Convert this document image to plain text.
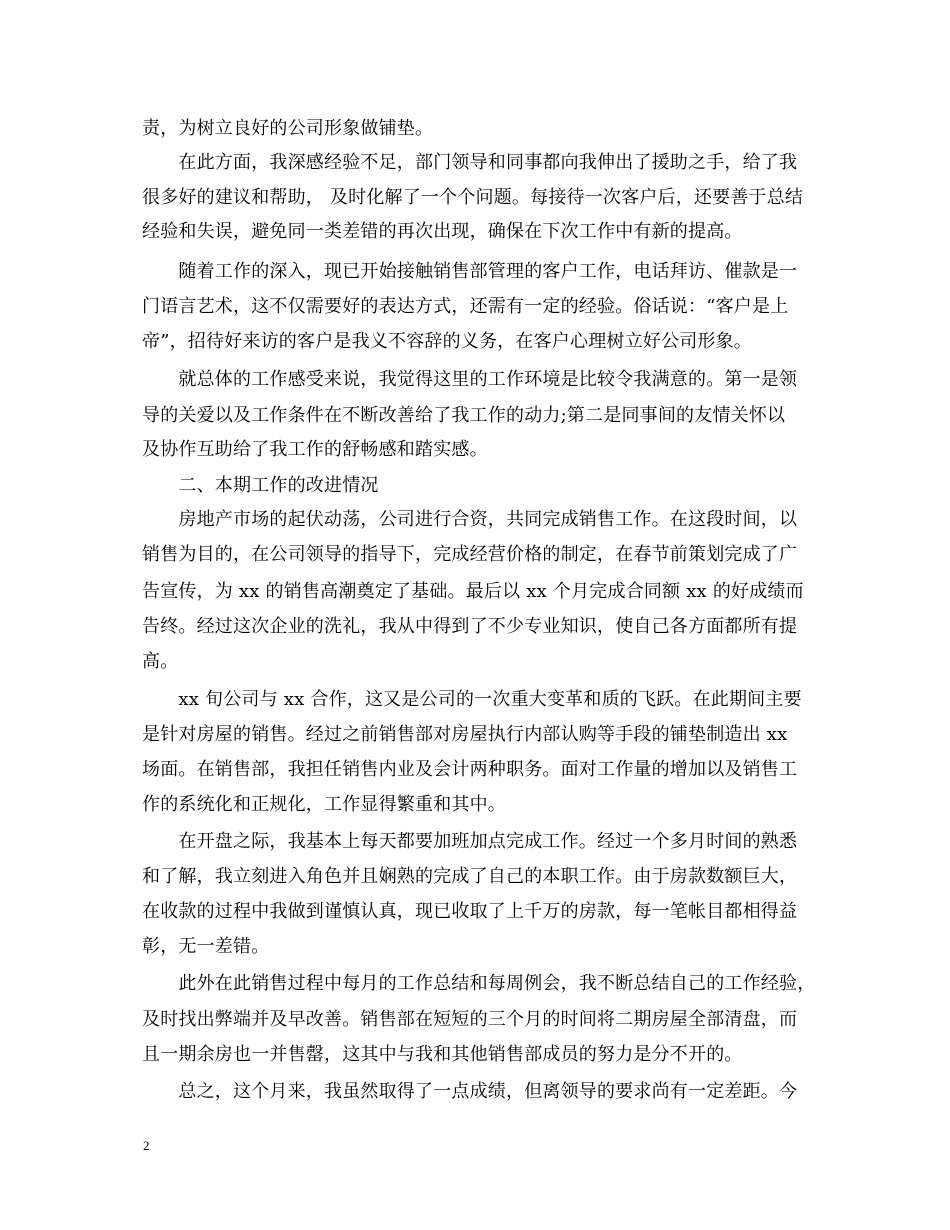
责，为树立良好的公司形象做铺垫。
　　在此方面，我深感经验不足，部门领导和同事都向我伸出了援助之手，给了我
很多好的建议和帮助， 及时化解了一个个问题。每接待一次客户后，还要善于总结
经验和失误，避免同一类差错的再次出现，确保在下次工作中有新的提高。
　　随着工作的深入，现已开始接触销售部管理的客户工作，电话拜访、催款是一
门语言艺术，这不仅需要好的表达方式，还需有一定的经验。俗话说：“客户是上
帝”，招待好来访的客户是我义不容辞的义务，在客户心理树立好公司形象。
　　就总体的工作感受来说，我觉得这里的工作环境是比较令我满意的。第一是领
导的关爱以及工作条件在不断改善给了我工作的动力;第二是同事间的友情关怀以
及协作互助给了我工作的舒畅感和踏实感。
　　二、本期工作的改进情况
　　房地产市场的起伏动荡，公司进行合资，共同完成销售工作。在这段时间，以
销售为目的，在公司领导的指导下，完成经营价格的制定，在春节前策划完成了广
告宣传，为 xx 的销售高潮奠定了基础。最后以 xx 个月完成合同额 xx 的好成绩而
告终。经过这次企业的洗礼，我从中得到了不少专业知识，使自己各方面都所有提
高。
　　xx 旬公司与 xx 合作，这又是公司的一次重大变革和质的飞跃。在此期间主要
是针对房屋的销售。经过之前销售部对房屋执行内部认购等手段的铺垫制造出 xx
场面。在销售部，我担任销售内业及会计两种职务。面对工作量的增加以及销售工
作的系统化和正规化，工作显得繁重和其中。
　　在开盘之际，我基本上每天都要加班加点完成工作。经过一个多月时间的熟悉
和了解，我立刻进入角色并且娴熟的完成了自己的本职工作。由于房款数额巨大，
在收款的过程中我做到谨慎认真，现已收取了上千万的房款，每一笔帐目都相得益
彰，无一差错。
　　此外在此销售过程中每月的工作总结和每周例会，我不断总结自己的工作经验，
及时找出弊端并及早改善。销售部在短短的三个月的时间将二期房屋全部清盘，而
且一期余房也一并售罄，这其中与我和其他销售部成员的努力是分不开的。
　　总之，这个月来，我虽然取得了一点成绩，但离领导的要求尚有一定差距。今
2
